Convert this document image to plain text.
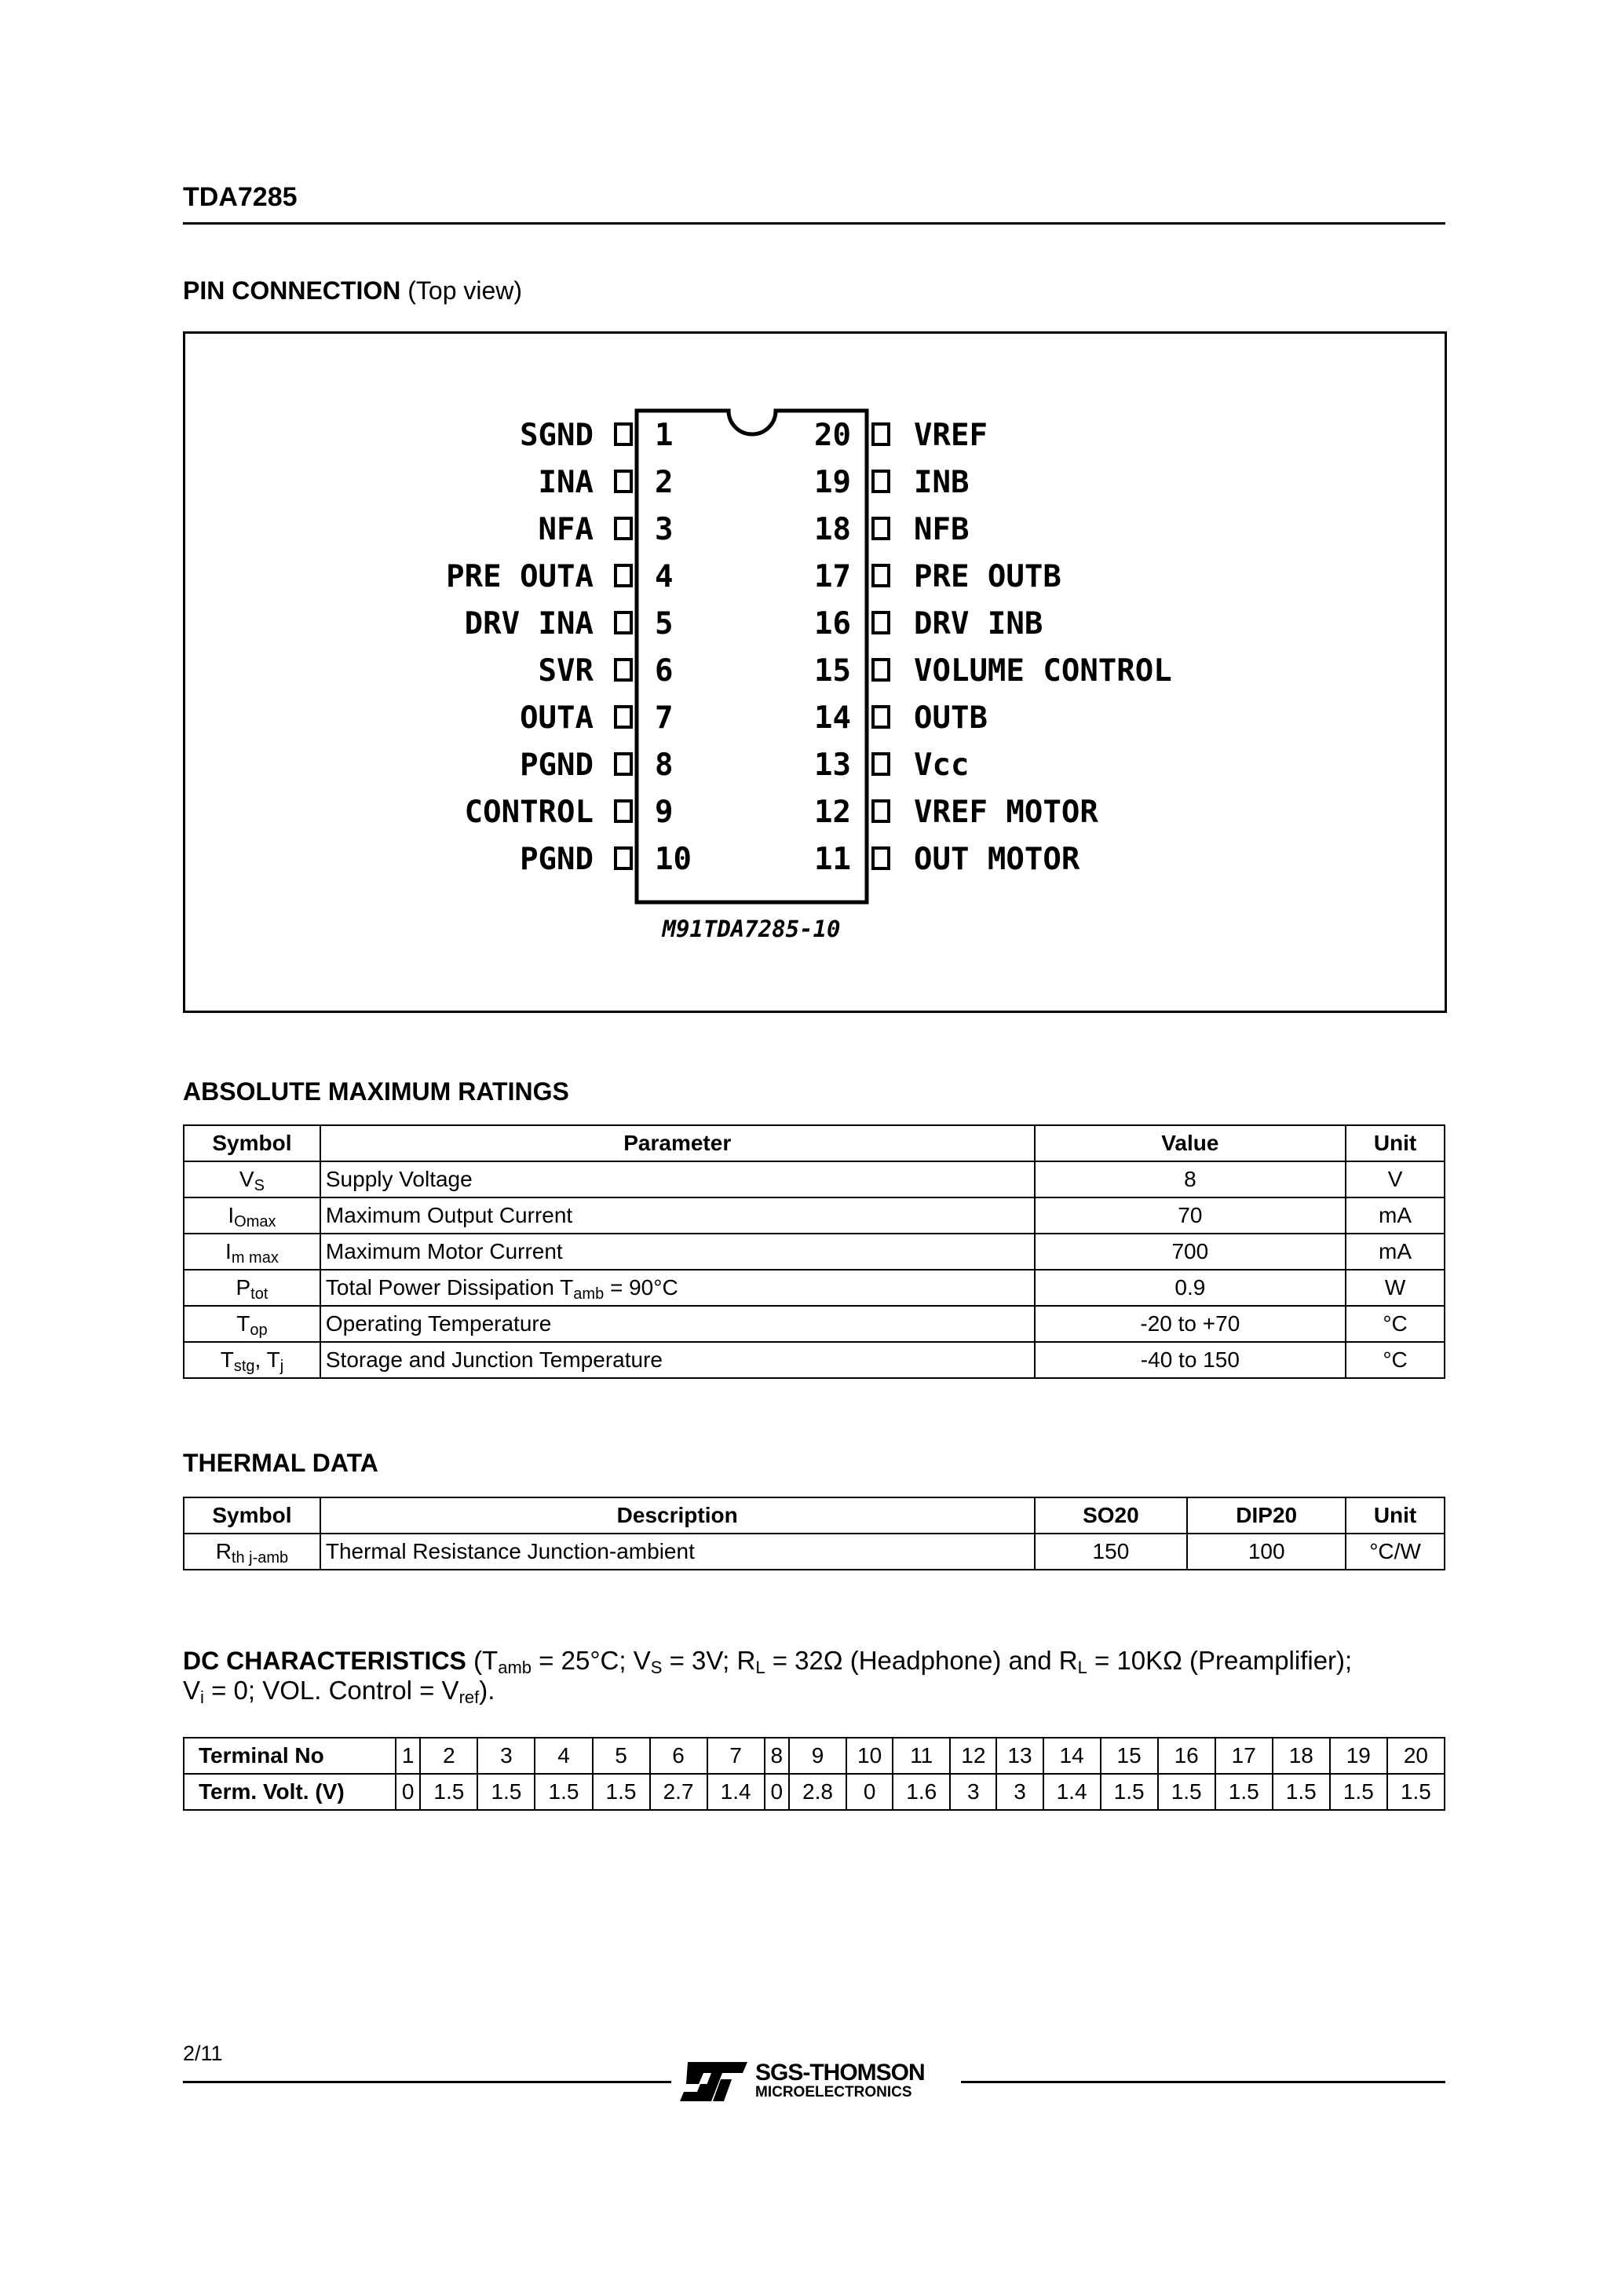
TDA7285
PIN CONNECTION (Top view)
M91TDA7285-10
SGND 1
INA 2
NFA 3
PRE OUTA 4
DRV INA 5
SVR 6
OUTA 7
PGND 8
CONTROL 9
PGND 10
20 VREF
19 INB
18 NFB
17 PRE OUTB
16 DRV INB
15 VOLUME CONTROL
14 OUTB
13 Vcc
12 VREF MOTOR
11 OUT MOTOR
ABSOLUTE MAXIMUM RATINGS
Symbol	Parameter	Value	Unit
$V_S$	Supply Voltage	8	V
$I_{Omax}$	Maximum Output Current	70	mA
$I_{m max}$	Maximum Motor Current	700	mA
$P_{tot}$	Total Power Dissipation $T_{amb} = 90^\circ C$	0.9	W
$T_{op}$	Operating Temperature	-20 to +70	°C
$T_{stg}$, $T_j$	Storage and Junction Temperature	-40 to 150	°C
THERMAL DATA
Symbol	Description	SO20	DIP20	Unit
$R_{th j-amb}$	Thermal Resistance Junction-ambient	150	100	°C/W
DC CHARACTERISTICS ($T_{amb} = 25^\circ C$; $V_S = 3V$; $R_L = 32\Omega$ (Headphone) and $R_L = 10K\Omega$ (Preamplifier);
$V_i = 0$; VOL. Control = $V_{ref}$).
Terminal No	1	2	3	4	5	6	7	8	9	10	11	12	13	14	15	16	17	18	19	20
Term. Volt. (V)	0	1.5	1.5	1.5	1.5	2.7	1.4	0	2.8	0	1.6	3	3	1.4	1.5	1.5	1.5	1.5	1.5	1.5
2/11
SGS-THOMSON
MICROELECTRONICS
